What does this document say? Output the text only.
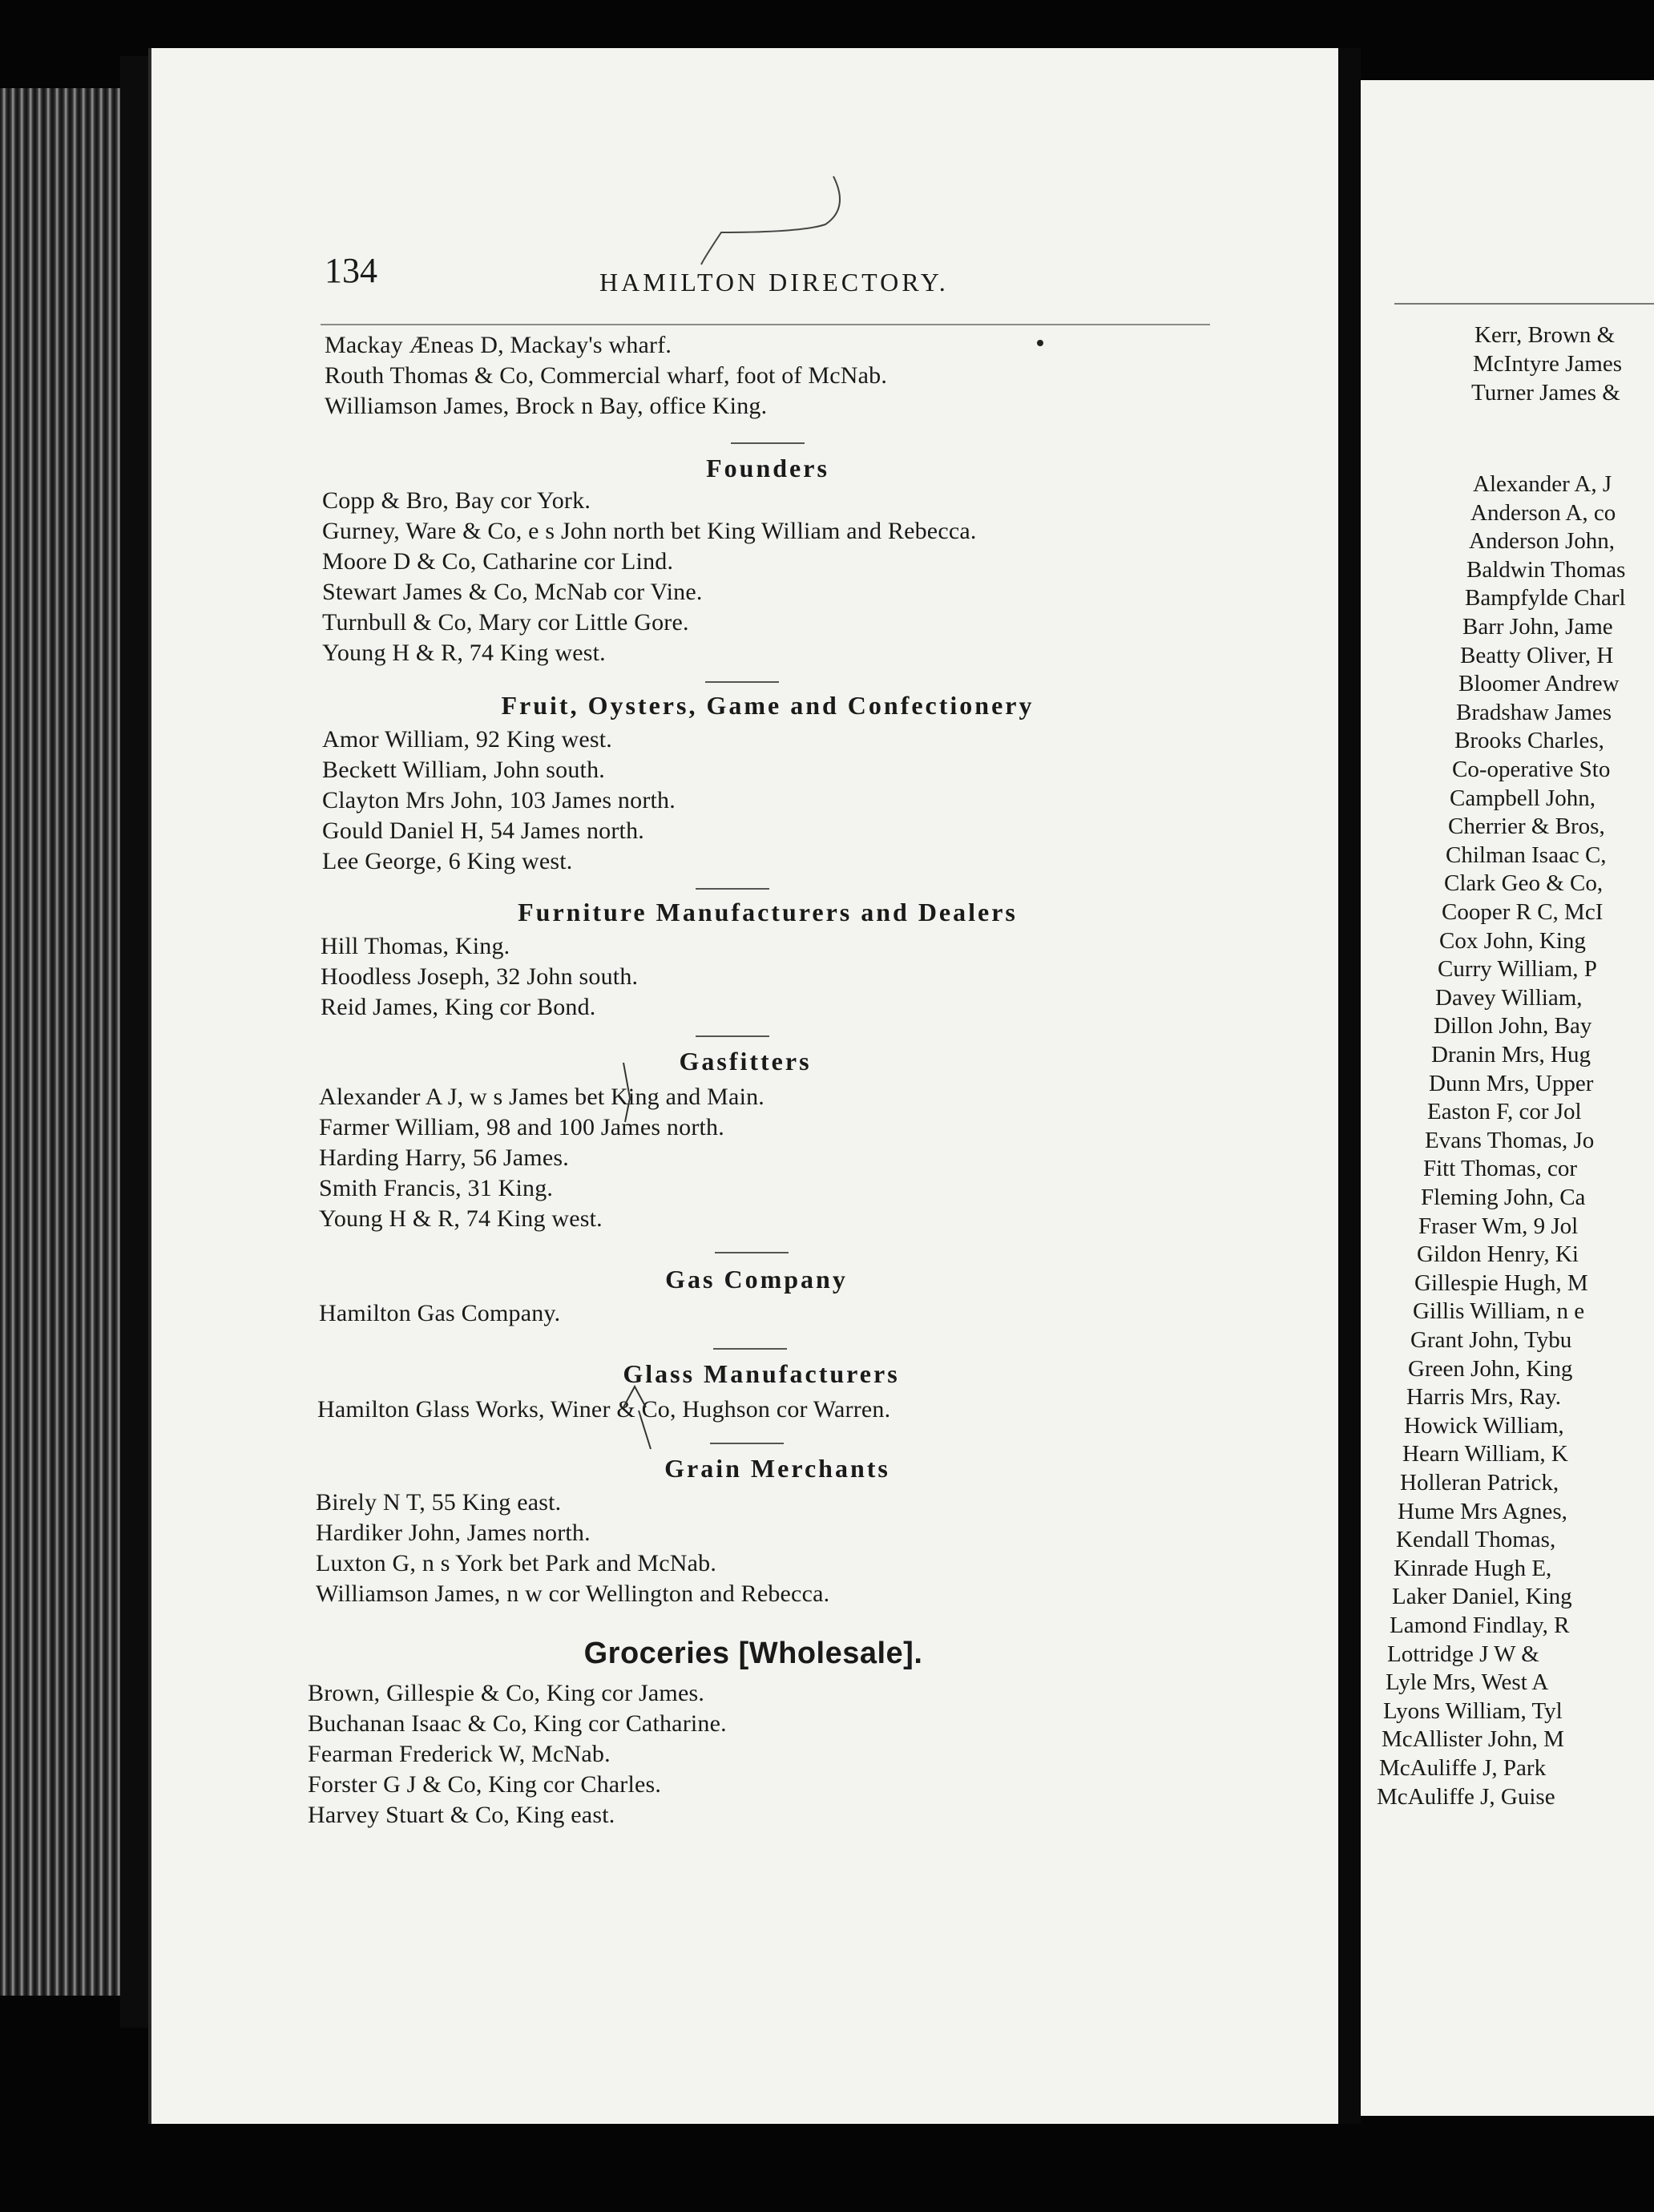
Kerr, Brown &
McIntyre James
Turner James &
Alexander A, J
Anderson A, co
Anderson John,
Baldwin Thomas
Bampfylde Charl
Barr John, Jame
Beatty Oliver, H
Bloomer Andrew
Bradshaw James
Brooks Charles,
Co-operative Sto
Campbell John,
Cherrier & Bros,
Chilman Isaac C,
Clark Geo & Co,
Cooper R C, McI
Cox John, King
Curry William, P
Davey William,
Dillon John, Bay
Dranin Mrs, Hug
Dunn Mrs, Upper
Easton F, cor Jol
Evans Thomas, Jo
Fitt Thomas, cor
Fleming John, Ca
Fraser Wm, 9 Jol
Gildon Henry, Ki
Gillespie Hugh, M
Gillis William, n e
Grant John, Tybu
Green John, King
Harris Mrs, Ray.
Howick William,
Hearn William, K
Holleran Patrick,
Hume Mrs Agnes,
Kendall Thomas,
Kinrade Hugh E,
Laker Daniel, King
Lamond Findlay, R
Lottridge J W &
Lyle Mrs, West A
Lyons William, Tyl
McAllister John, M
McAuliffe J, Park
McAuliffe J, Guise
134	HAMILTON DIRECTORY.
Mackay Æneas D, Mackay's wharf.
Routh Thomas & Co, Commercial wharf, foot of McNab.
Williamson James, Brock n Bay, office King.
Founders
Copp & Bro, Bay cor York.
Gurney, Ware & Co, e s John north bet King William and Rebecca.
Moore D & Co, Catharine cor Lind.
Stewart James & Co, McNab cor Vine.
Turnbull & Co, Mary cor Little Gore.
Young H & R, 74 King west.
Fruit, Oysters, Game and Confectionery
Amor William, 92 King west.
Beckett William, John south.
Clayton Mrs John, 103 James north.
Gould Daniel H, 54 James north.
Lee George, 6 King west.
Furniture Manufacturers and Dealers
Hill Thomas, King.
Hoodless Joseph, 32 John south.
Reid James, King cor Bond.
Gasfitters
Alexander A J, w s James bet King and Main.
Farmer William, 98 and 100 James north.
Harding Harry, 56 James.
Smith Francis, 31 King.
Young H & R, 74 King west.
Gas Company
Hamilton Gas Company.
Glass Manufacturers
Hamilton Glass Works, Winer & Co, Hughson cor Warren.
Grain Merchants
Birely N T, 55 King east.
Hardiker John, James north.
Luxton G, n s York bet Park and McNab.
Williamson James, n w cor Wellington and Rebecca.
Groceries [Wholesale].
Brown, Gillespie & Co, King cor James.
Buchanan Isaac & Co, King cor Catharine.
Fearman Frederick W, McNab.
Forster G J & Co, King cor Charles.
Harvey Stuart & Co, King east.
